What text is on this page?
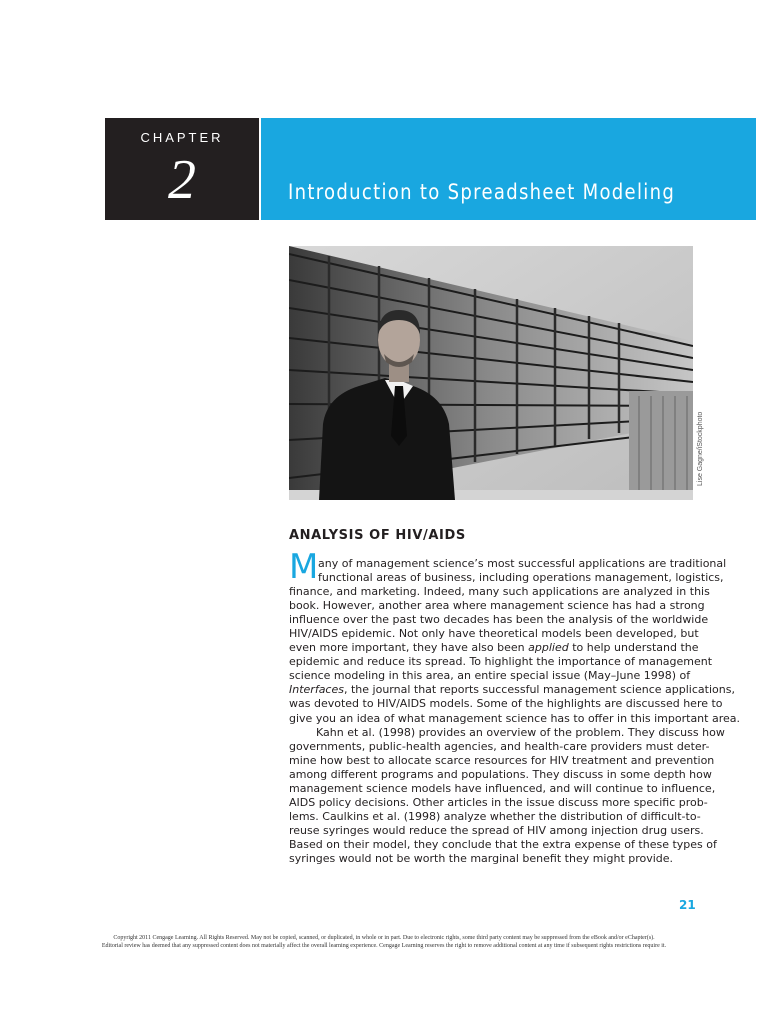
CHAPTER
2	Introduction to Spreadsheet Modeling
Lise Gagne/iStockphoto
ANALYSIS OF HIV/AIDS
M any of management science’s most successful applications are traditional
functional areas of business, including operations management, logistics,
finance, and marketing. Indeed, many such applications are analyzed in this
book. However, another area where management science has had a strong
influence over the past two decades has been the analysis of the worldwide
HIV/AIDS epidemic. Not only have theoretical models been developed, but
even more important, they have also been applied to help understand the
epidemic and reduce its spread. To highlight the importance of management
science modeling in this area, an entire special issue (May–June 1998) of
Interfaces, the journal that reports successful management science applications,
was devoted to HIV/AIDS models. Some of the highlights are discussed here to
give you an idea of what management science has to offer in this important area.
Kahn et al. (1998) provides an overview of the problem. They discuss how
governments, public-health agencies, and health-care providers must deter-
mine how best to allocate scarce resources for HIV treatment and prevention
among different programs and populations. They discuss in some depth how
management science models have influenced, and will continue to influence,
AIDS policy decisions. Other articles in the issue discuss more specific prob-
lems. Caulkins et al. (1998) analyze whether the distribution of difficult-to-
reuse syringes would reduce the spread of HIV among injection drug users.
Based on their model, they conclude that the extra expense of these types of
syringes would not be worth the marginal benefit they might provide.
21
Copyright 2011 Cengage Learning. All Rights Reserved. May not be copied, scanned, or duplicated, in whole or in part. Due to electronic rights, some third party content may be suppressed from the eBook and/or eChapter(s).
Editorial review has deemed that any suppressed content does not materially affect the overall learning experience. Cengage Learning reserves the right to remove additional content at any time if subsequent rights restrictions require it.
